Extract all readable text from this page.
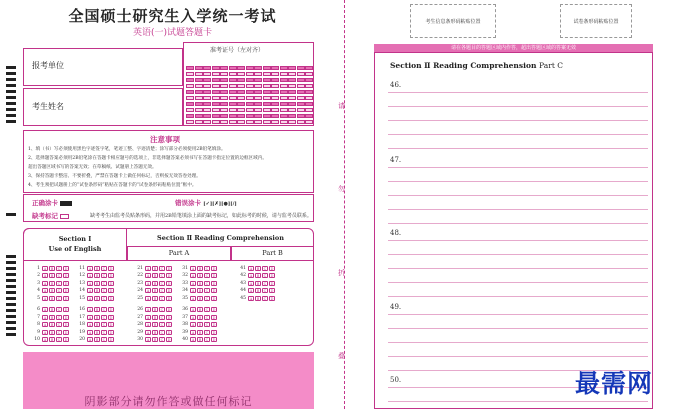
全国硕士研究生入学统一考试
英语(一)试题答题卡
报考单位
考生姓名
准考证号（左对齐）
注意事项
1、填（书）写必须使用黑色字迹签字笔，笔迹工整、字迹清楚；涂写部分必须使用2B铅笔填涂。
2、选择题答案必须用2B铅笔涂在答题卡相应题号的选项上，非选择题答案必须书写在答题卡指定位置的边框区域内。
超出答题区域书写的答案无效；在草稿纸、试题册上答题无效。
3、保持答题卡整洁、不要折叠，严禁在答题卡上做任何标记，否则按无效答卷处理。
4、考生须把试题册上的“试卷条形码”粘贴在答题卡的“试卷条形码粘贴位置”框中。
正确涂卡	错误涂卡 [✓][✗][●][/]
缺考标记	缺考考生由监考员贴条形码，并用2B铅笔填涂上面的缺考标记，如此标考的时候，请与监考员联系。
Section Ⅰ
Use of English
Section Ⅱ Reading Comprehension
Part A	Part B
1	A	B	C	D
2	A	B	C	D
3	A	B	C	D
4	A	B	C	D
5	A	B	C	D
6	A	B	C	D
7	A	B	C	D
8	A	B	C	D
9	A	B	C	D
10	A	B	C	D
11	A	B	C	D
12	A	B	C	D
13	A	B	C	D
14	A	B	C	D
15	A	B	C	D
16	A	B	C	D
17	A	B	C	D
18	A	B	C	D
19	A	B	C	D
20	A	B	C	D
21	A	B	C	D
22	A	B	C	D
23	A	B	C	D
24	A	B	C	D
25	A	B	C	D
26	A	B	C	D
27	A	B	C	D
28	A	B	C	D
29	A	B	C	D
30	A	B	C	D
31	A	B	C	D
32	A	B	C	D
33	A	B	C	D
34	A	B	C	D
35	A	B	C	D
36	A	B	C	D
37	A	B	C	D
38	A	B	C	D
39	A	B	C	D
40	A	B	C	D
41	A	B	C	D
42	A	B	C	D
43	A	B	C	D
44	A	B	C	D
45	A	B	C	D
阴影部分请勿作答或做任何标记
请
勿
折
叠
考生信息条形码粘贴位置	试卷条形码粘贴位置
请在各题目的答题区域内作答，超出答题区域的答案无效
Section Ⅱ Reading Comprehension Part C
46.
47.
48.
49.
50.	最需网
